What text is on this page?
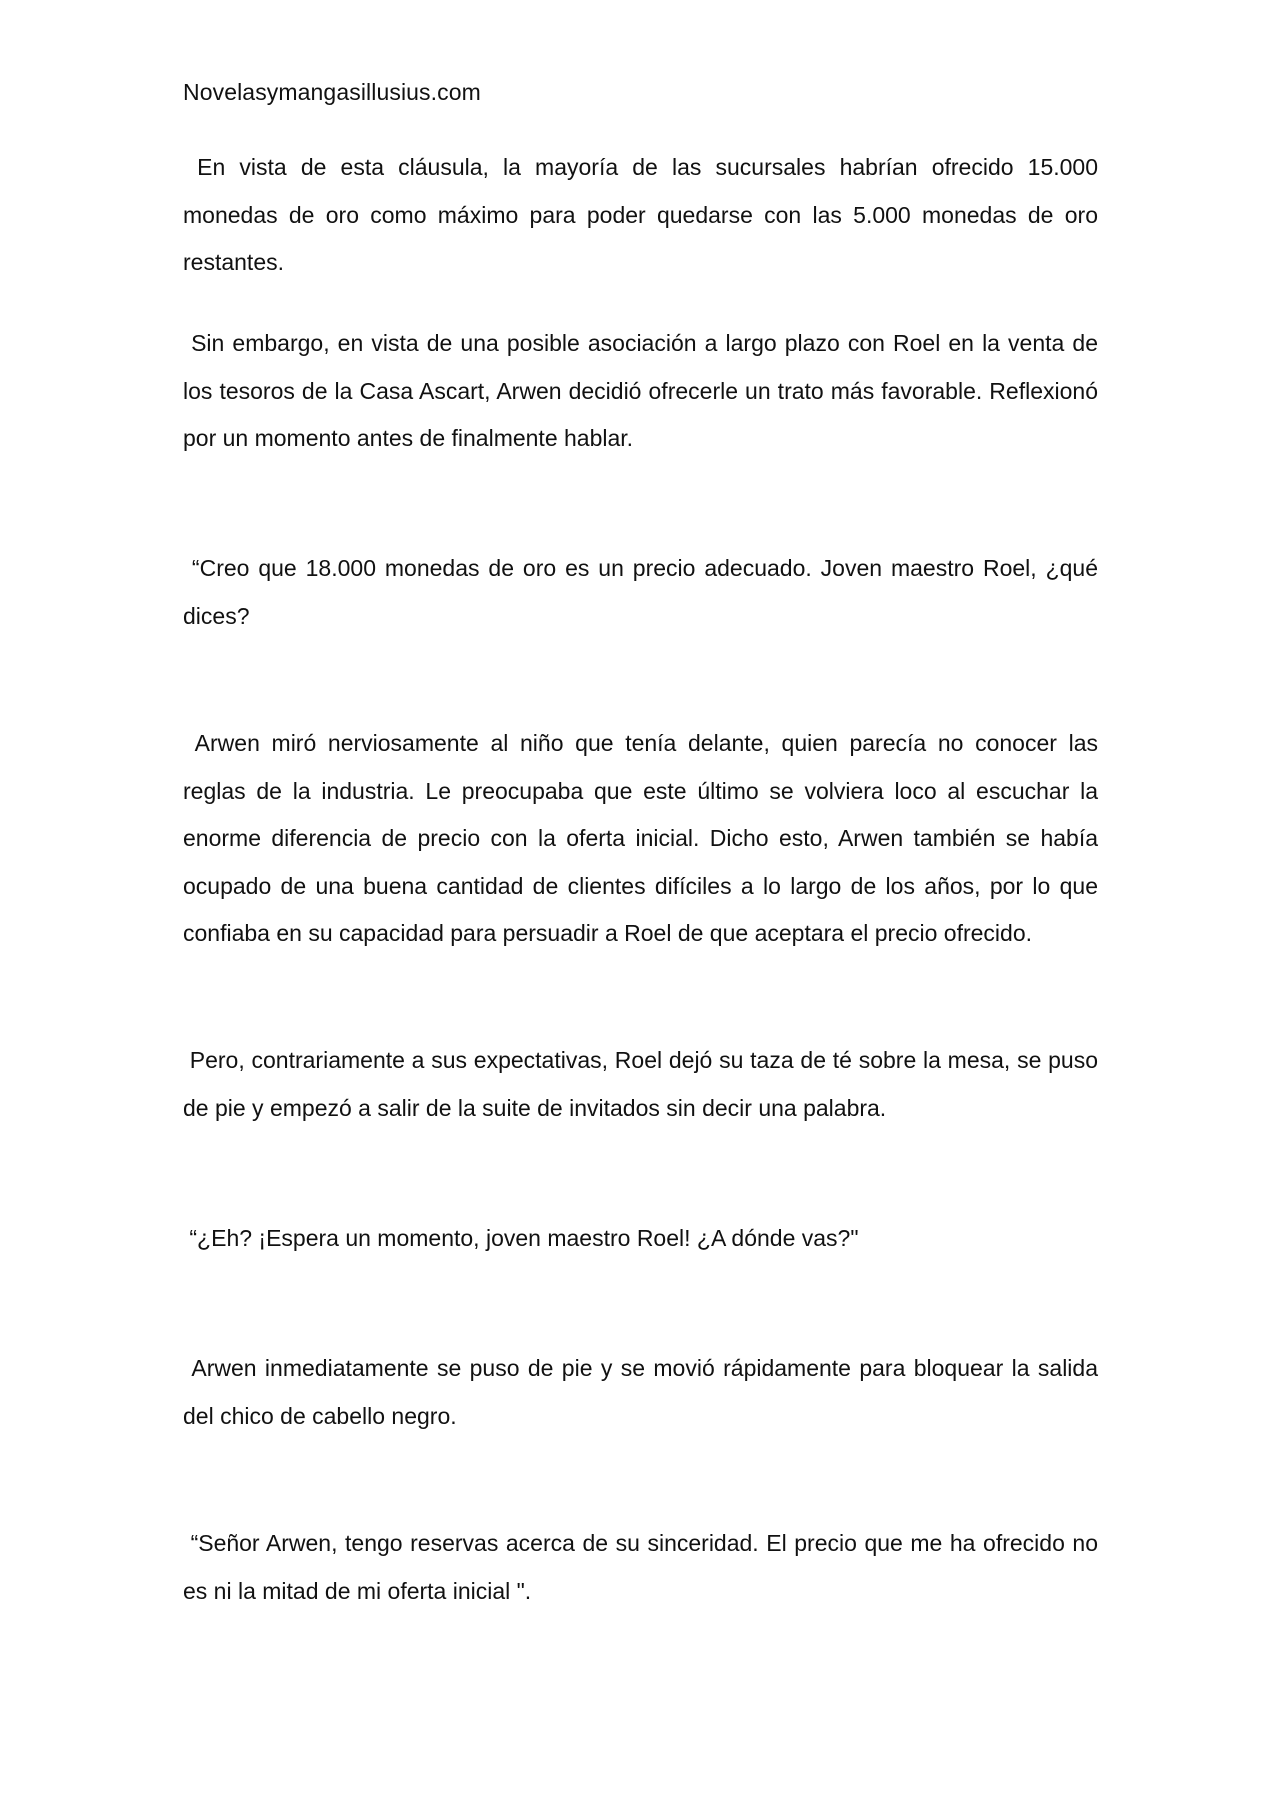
Novelasymangasillusius.com

En vista de esta cláusula, la mayoría de las sucursales habrían ofrecido 15.000 monedas de oro como máximo para poder quedarse con las 5.000 monedas de oro restantes.

Sin embargo, en vista de una posible asociación a largo plazo con Roel en la venta de los tesoros de la Casa Ascart, Arwen decidió ofrecerle un trato más favorable. Reflexionó por un momento antes de finalmente hablar.

“Creo que 18.000 monedas de oro es un precio adecuado. Joven maestro Roel, ¿qué dices?

Arwen miró nerviosamente al niño que tenía delante, quien parecía no conocer las reglas de la industria. Le preocupaba que este último se volviera loco al escuchar la enorme diferencia de precio con la oferta inicial. Dicho esto, Arwen también se había ocupado de una buena cantidad de clientes difíciles a lo largo de los años, por lo que confiaba en su capacidad para persuadir a Roel de que aceptara el precio ofrecido.

Pero, contrariamente a sus expectativas, Roel dejó su taza de té sobre la mesa, se puso de pie y empezó a salir de la suite de invitados sin decir una palabra.

“¿Eh? ¡Espera un momento, joven maestro Roel! ¿A dónde vas?"

Arwen inmediatamente se puso de pie y se movió rápidamente para bloquear la salida del chico de cabello negro.

“Señor Arwen, tengo reservas acerca de su sinceridad. El precio que me ha ofrecido no es ni la mitad de mi oferta inicial ".
